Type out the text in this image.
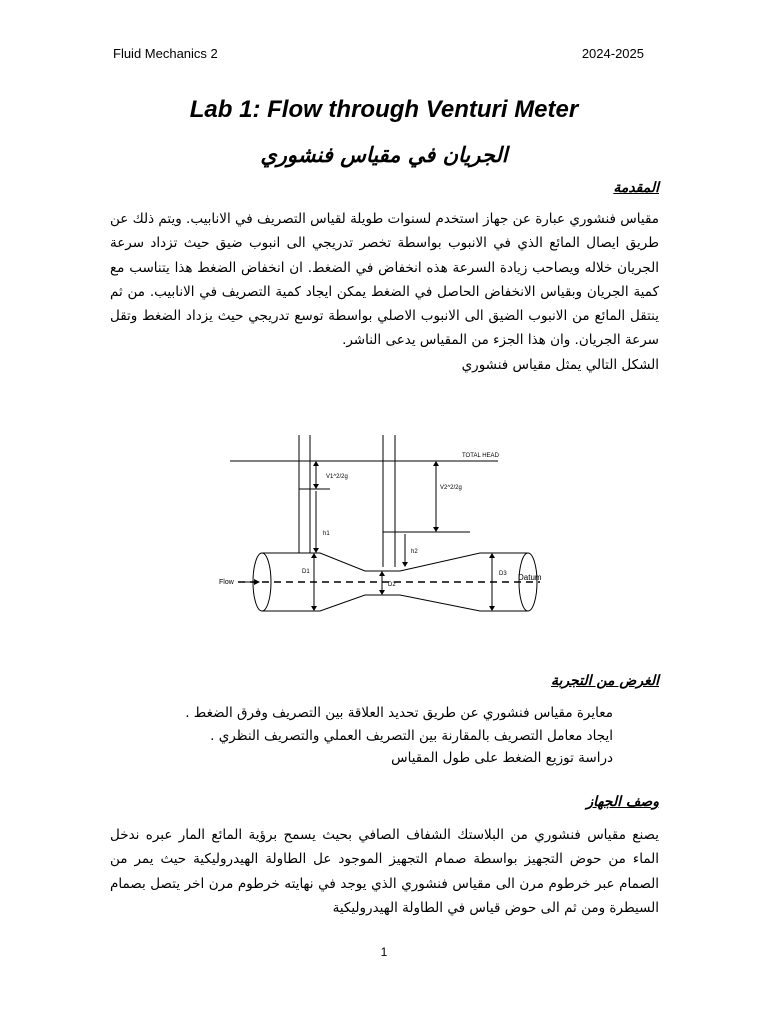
Fluid Mechanics 2	2024-2025
Lab 1: Flow through Venturi Meter
الجريان في مقياس فنشوري
المقدمة

مقياس فنشوري عبارة عن جهاز استخدم لسنوات طويلة لقياس التصريف في الانابيب. ويتم ذلك عن طريق ايصال المائع الذي في الانبوب بواسطة تخصر تدريجي الى انبوب ضيق حيث تزداد سرعة الجريان خلاله ويصاحب زيادة السرعة هذه انخفاض في الضغط. ان انخفاض الضغط هذا يتناسب مع كمية الجريان وبقياس الانخفاض الحاصل في الضغط يمكن ايجاد كمية التصريف في الانابيب. من ثم ينتقل المائع من الانبوب الضيق الى الانبوب الاصلي بواسطة توسع تدريجي حيث يزداد الضغط وتقل سرعة الجريان. وان هذا الجزء من المقياس يدعى الناشر.

الشكل التالي يمثل مقياس فنشوري
TOTAL HEAD
V1^2/2g
V2^2/2g
h1
h2
D1
D2
D3
Flow
Datum
الغرض من التجربة
معايرة مقياس فنشوري عن طريق تحديد العلاقة بين التصريف وفرق الضغط .
ايجاد معامل التصريف بالمقارنة بين التصريف العملي والتصريف النظري .
دراسة توزيع الضغط على طول المقياس
وصف الجهاز

يصنع مقياس فنشوري من البلاستك الشفاف الصافي بحيث يسمح برؤية المائع المار عبره ندخل الماء من حوض التجهيز بواسطة صمام التجهيز الموجود عل الطاولة الهيدروليكية حيث يمر من الصمام عبر خرطوم مرن الى مقياس فنشوري الذي يوجد في نهايته خرطوم مرن اخر يتصل بصمام السيطرة ومن ثم الى حوض قياس في الطاولة الهيدروليكية

1
